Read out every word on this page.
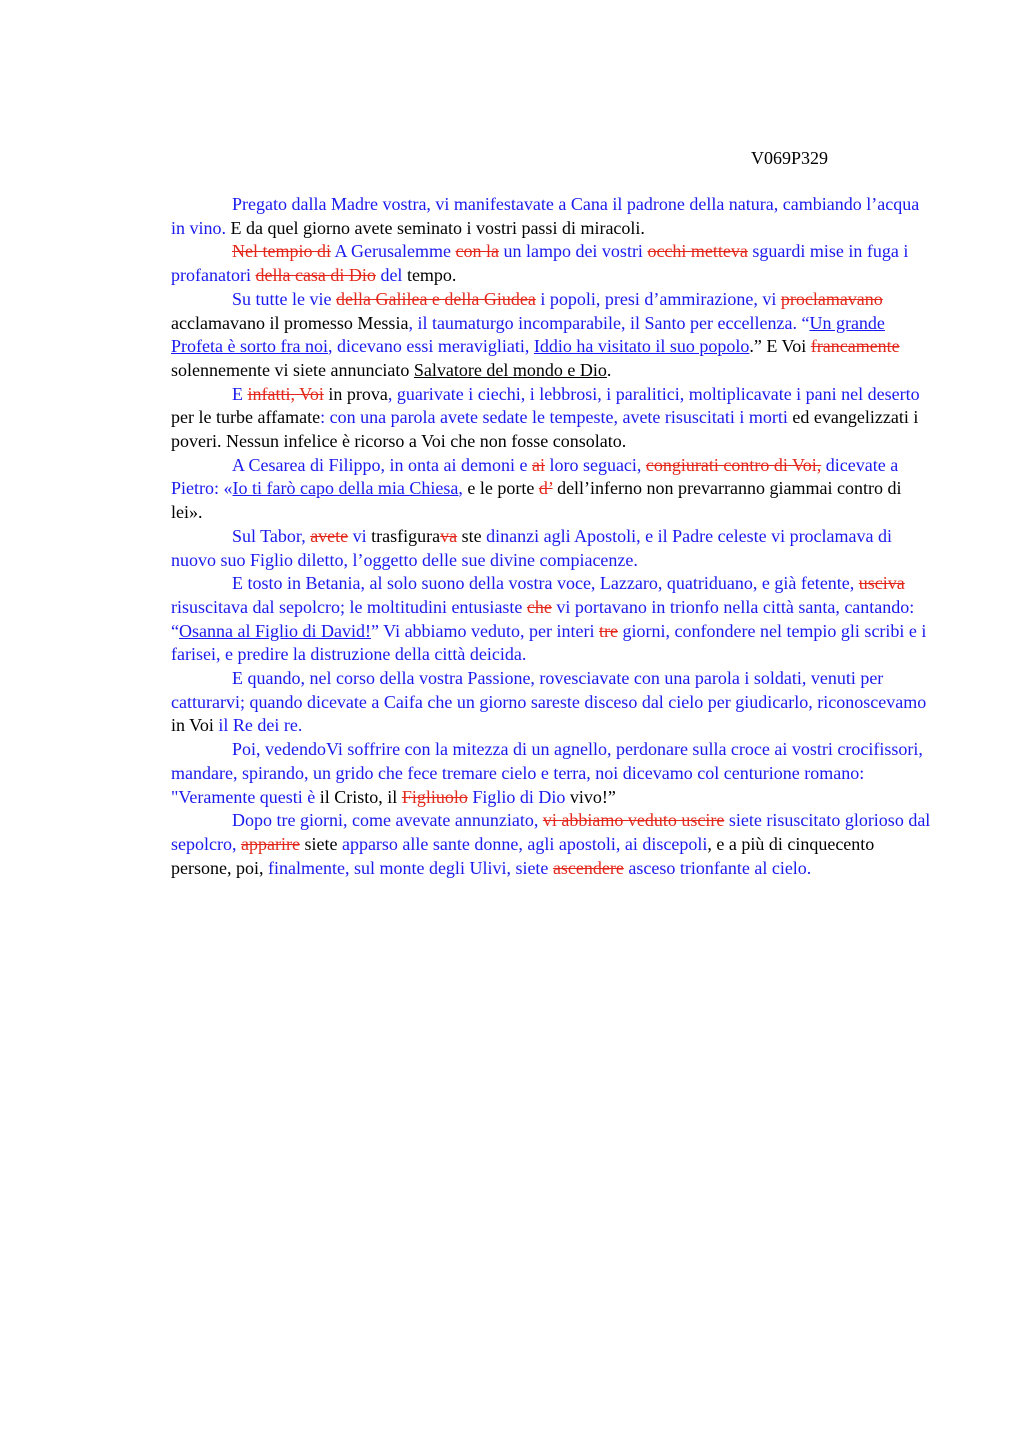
V069P329

Pregato dalla Madre vostra, vi manifestavate a Cana il padrone della natura, cambiando l’acqua in vino. E da quel giorno avete seminato i vostri passi di miracoli.

Nel tempio di A Gerusalemme con la un lampo dei vostri occhi metteva sguardi mise in fuga i profanatori della casa di Dio del tempo.

Su tutte le vie della Galilea e della Giudea i popoli, presi d’ammirazione, vi proclamavano acclamavano il promesso Messia, il taumaturgo incomparabile, il Santo per eccellenza. “Un grande Profeta è sorto fra noi, dicevano essi meravigliati, Iddio ha visitato il suo popolo.” E Voi francamente solennemente vi siete annunciato Salvatore del mondo e Dio.

E infatti, Voi in prova, guarivate i ciechi, i lebbrosi, i paralitici, moltiplicavate i pani nel deserto per le turbe affamate: con una parola avete sedate le tempeste, avete risuscitati i morti ed evangelizzati i poveri. Nessun infelice è ricorso a Voi che non fosse consolato.

A Cesarea di Filippo, in onta ai demoni e ai loro seguaci, congiurati contro di Voi, dicevate a Pietro: «Io ti farò capo della mia Chiesa, e le porte d’ dell’inferno non prevarranno giammai contro di lei».

Sul Tabor, avete vi trasfigurava ste dinanzi agli Apostoli, e il Padre celeste vi proclamava di nuovo suo Figlio diletto, l’oggetto delle sue divine compiacenze.

E tosto in Betania, al solo suono della vostra voce, Lazzaro, quatriduano, e già fetente, usciva risuscitava dal sepolcro; le moltitudini entusiaste che vi portavano in trionfo nella città santa, cantando: “Osanna al Figlio di David!” Vi abbiamo veduto, per interi tre giorni, confondere nel tempio gli scribi e i farisei, e predire la distruzione della città deicida.

E quando, nel corso della vostra Passione, rovesciavate con una parola i soldati, venuti per catturarvi; quando dicevate a Caifa che un giorno sareste disceso dal cielo per giudicarlo, riconoscevamo in Voi il Re dei re.

Poi, vedendoVi soffrire con la mitezza di un agnello, perdonare sulla croce ai vostri crocifissori, mandare, spirando, un grido che fece tremare cielo e terra, noi dicevamo col centurione romano: "Veramente questi è il Cristo, il Figliuolo Figlio di Dio vivo!”

Dopo tre giorni, come avevate annunziato, vi abbiamo veduto uscire siete risuscitato glorioso dal sepolcro, apparire siete apparso alle sante donne, agli apostoli, ai discepoli, e a più di cinquecento persone, poi, finalmente, sul monte degli Ulivi, siete ascendere asceso trionfante al cielo.
